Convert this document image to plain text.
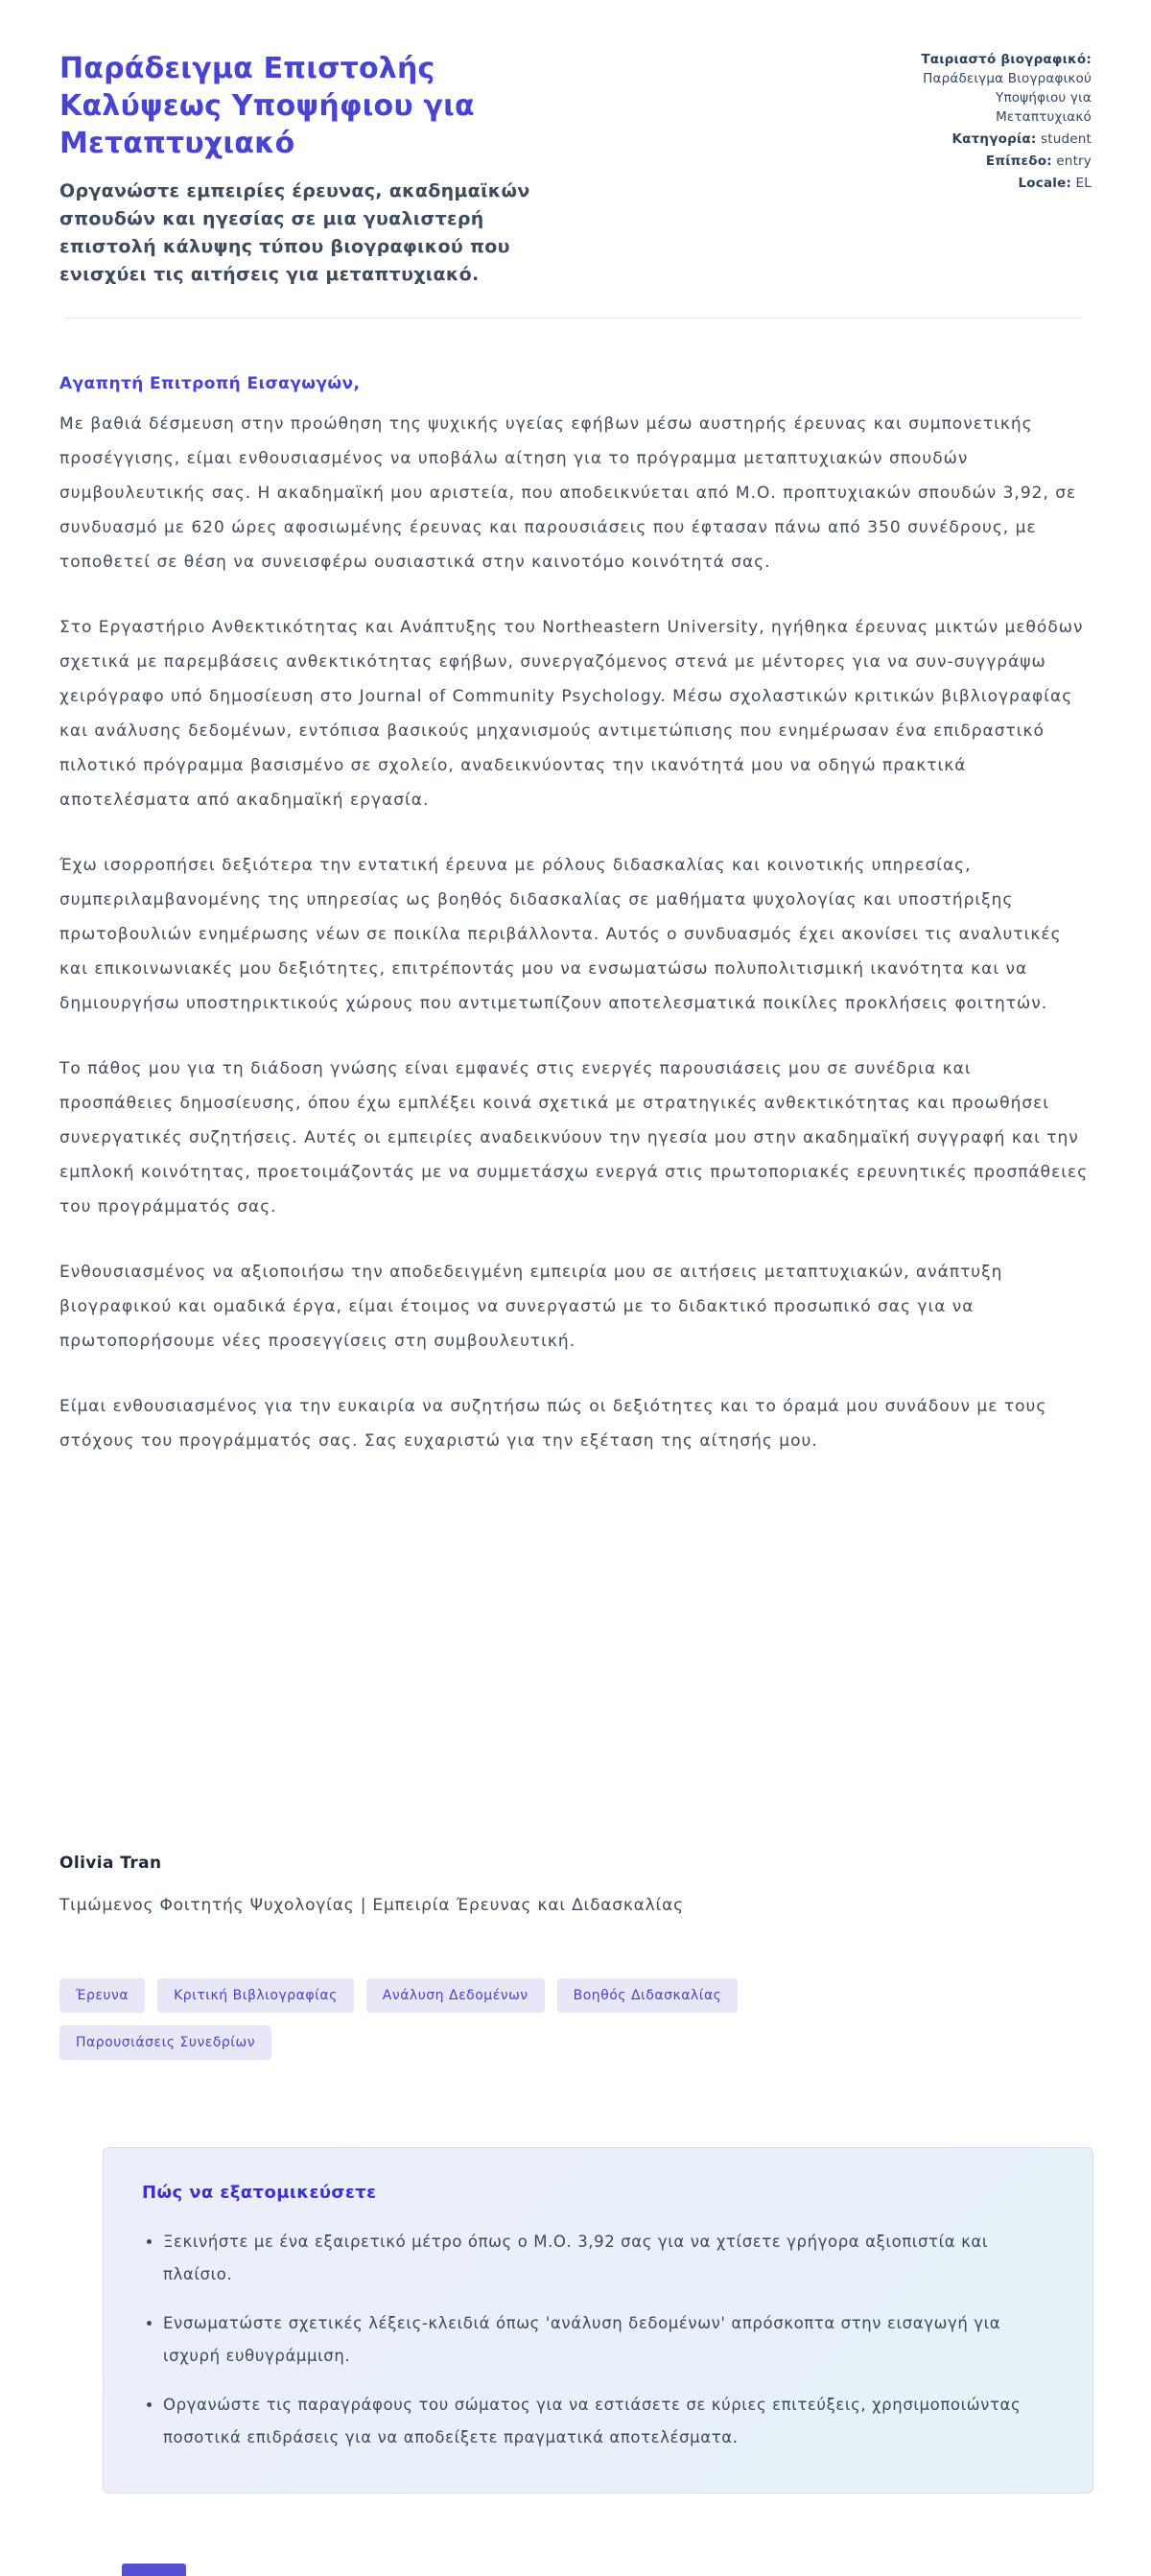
Παράδειγμα Επιστολής Καλύψεως Υποψήφιου για Μεταπτυχιακό
Οργανώστε εμπειρίες έρευνας, ακαδημαϊκών σπουδών και ηγεσίας σε μια γυαλιστερή επιστολή κάλυψης τύπου βιογραφικού που ενισχύει τις αιτήσεις για μεταπτυχιακό.
Ταιριαστό βιογραφικό: Παράδειγμα Βιογραφικού Υποψήφιου για Μεταπτυχιακό
Κατηγορία: student
Επίπεδο: entry
Locale: EL
Αγαπητή Επιτροπή Εισαγωγών,

Με βαθιά δέσμευση στην προώθηση της ψυχικής υγείας εφήβων μέσω αυστηρής έρευνας και συμπονετικής προσέγγισης, είμαι ενθουσιασμένος να υποβάλω αίτηση για το πρόγραμμα μεταπτυχιακών σπουδών συμβουλευτικής σας. Η ακαδημαϊκή μου αριστεία, που αποδεικνύεται από Μ.Ο. προπτυχιακών σπουδών 3,92, σε συνδυασμό με 620 ώρες αφοσιωμένης έρευνας και παρουσιάσεις που έφτασαν πάνω από 350 συνέδρους, με τοποθετεί σε θέση να συνεισφέρω ουσιαστικά στην καινοτόμο κοινότητά σας.

Στο Εργαστήριο Ανθεκτικότητας και Ανάπτυξης του Northeastern University, ηγήθηκα έρευνας μικτών μεθόδων σχετικά με παρεμβάσεις ανθεκτικότητας εφήβων, συνεργαζόμενος στενά με μέντορες για να συν-συγγράψω χειρόγραφο υπό δημοσίευση στο Journal of Community Psychology. Μέσω σχολαστικών κριτικών βιβλιογραφίας και ανάλυσης δεδομένων, εντόπισα βασικούς μηχανισμούς αντιμετώπισης που ενημέρωσαν ένα επιδραστικό πιλοτικό πρόγραμμα βασισμένο σε σχολείο, αναδεικνύοντας την ικανότητά μου να οδηγώ πρακτικά αποτελέσματα από ακαδημαϊκή εργασία.

Έχω ισορροπήσει δεξιότερα την εντατική έρευνα με ρόλους διδασκαλίας και κοινοτικής υπηρεσίας, συμπεριλαμβανομένης της υπηρεσίας ως βοηθός διδασκαλίας σε μαθήματα ψυχολογίας και υποστήριξης πρωτοβουλιών ενημέρωσης νέων σε ποικίλα περιβάλλοντα. Αυτός ο συνδυασμός έχει ακονίσει τις αναλυτικές και επικοινωνιακές μου δεξιότητες, επιτρέποντάς μου να ενσωματώσω πολυπολιτισμική ικανότητα και να δημιουργήσω υποστηρικτικούς χώρους που αντιμετωπίζουν αποτελεσματικά ποικίλες προκλήσεις φοιτητών.

Το πάθος μου για τη διάδοση γνώσης είναι εμφανές στις ενεργές παρουσιάσεις μου σε συνέδρια και προσπάθειες δημοσίευσης, όπου έχω εμπλέξει κοινά σχετικά με στρατηγικές ανθεκτικότητας και προωθήσει συνεργατικές συζητήσεις. Αυτές οι εμπειρίες αναδεικνύουν την ηγεσία μου στην ακαδημαϊκή συγγραφή και την εμπλοκή κοινότητας, προετοιμάζοντάς με να συμμετάσχω ενεργά στις πρωτοποριακές ερευνητικές προσπάθειες του προγράμματός σας.

Ενθουσιασμένος να αξιοποιήσω την αποδεδειγμένη εμπειρία μου σε αιτήσεις μεταπτυχιακών, ανάπτυξη βιογραφικού και ομαδικά έργα, είμαι έτοιμος να συνεργαστώ με το διδακτικό προσωπικό σας για να πρωτοπορήσουμε νέες προσεγγίσεις στη συμβουλευτική.

Είμαι ενθουσιασμένος για την ευκαιρία να συζητήσω πώς οι δεξιότητες και το όραμά μου συνάδουν με τους στόχους του προγράμματός σας. Σας ευχαριστώ για την εξέταση της αίτησής μου.

Olivia Tran
Τιμώμενος Φοιτητής Ψυχολογίας | Εμπειρία Έρευνας και Διδασκαλίας
Έρευνα	Κριτική Βιβλιογραφίας	Ανάλυση Δεδομένων	Βοηθός Διδασκαλίας
Παρουσιάσεις Συνεδρίων
Πώς να εξατομικεύσετε
• Ξεκινήστε με ένα εξαιρετικό μέτρο όπως ο Μ.Ο. 3,92 σας για να χτίσετε γρήγορα αξιοπιστία και πλαίσιο.
• Ενσωματώστε σχετικές λέξεις-κλειδιά όπως 'ανάλυση δεδομένων' απρόσκοπτα στην εισαγωγή για ισχυρή ευθυγράμμιση.
• Οργανώστε τις παραγράφους του σώματος για να εστιάσετε σε κύριες επιτεύξεις, χρησιμοποιώντας ποσοτικά επιδράσεις για να αποδείξετε πραγματικά αποτελέσματα.
